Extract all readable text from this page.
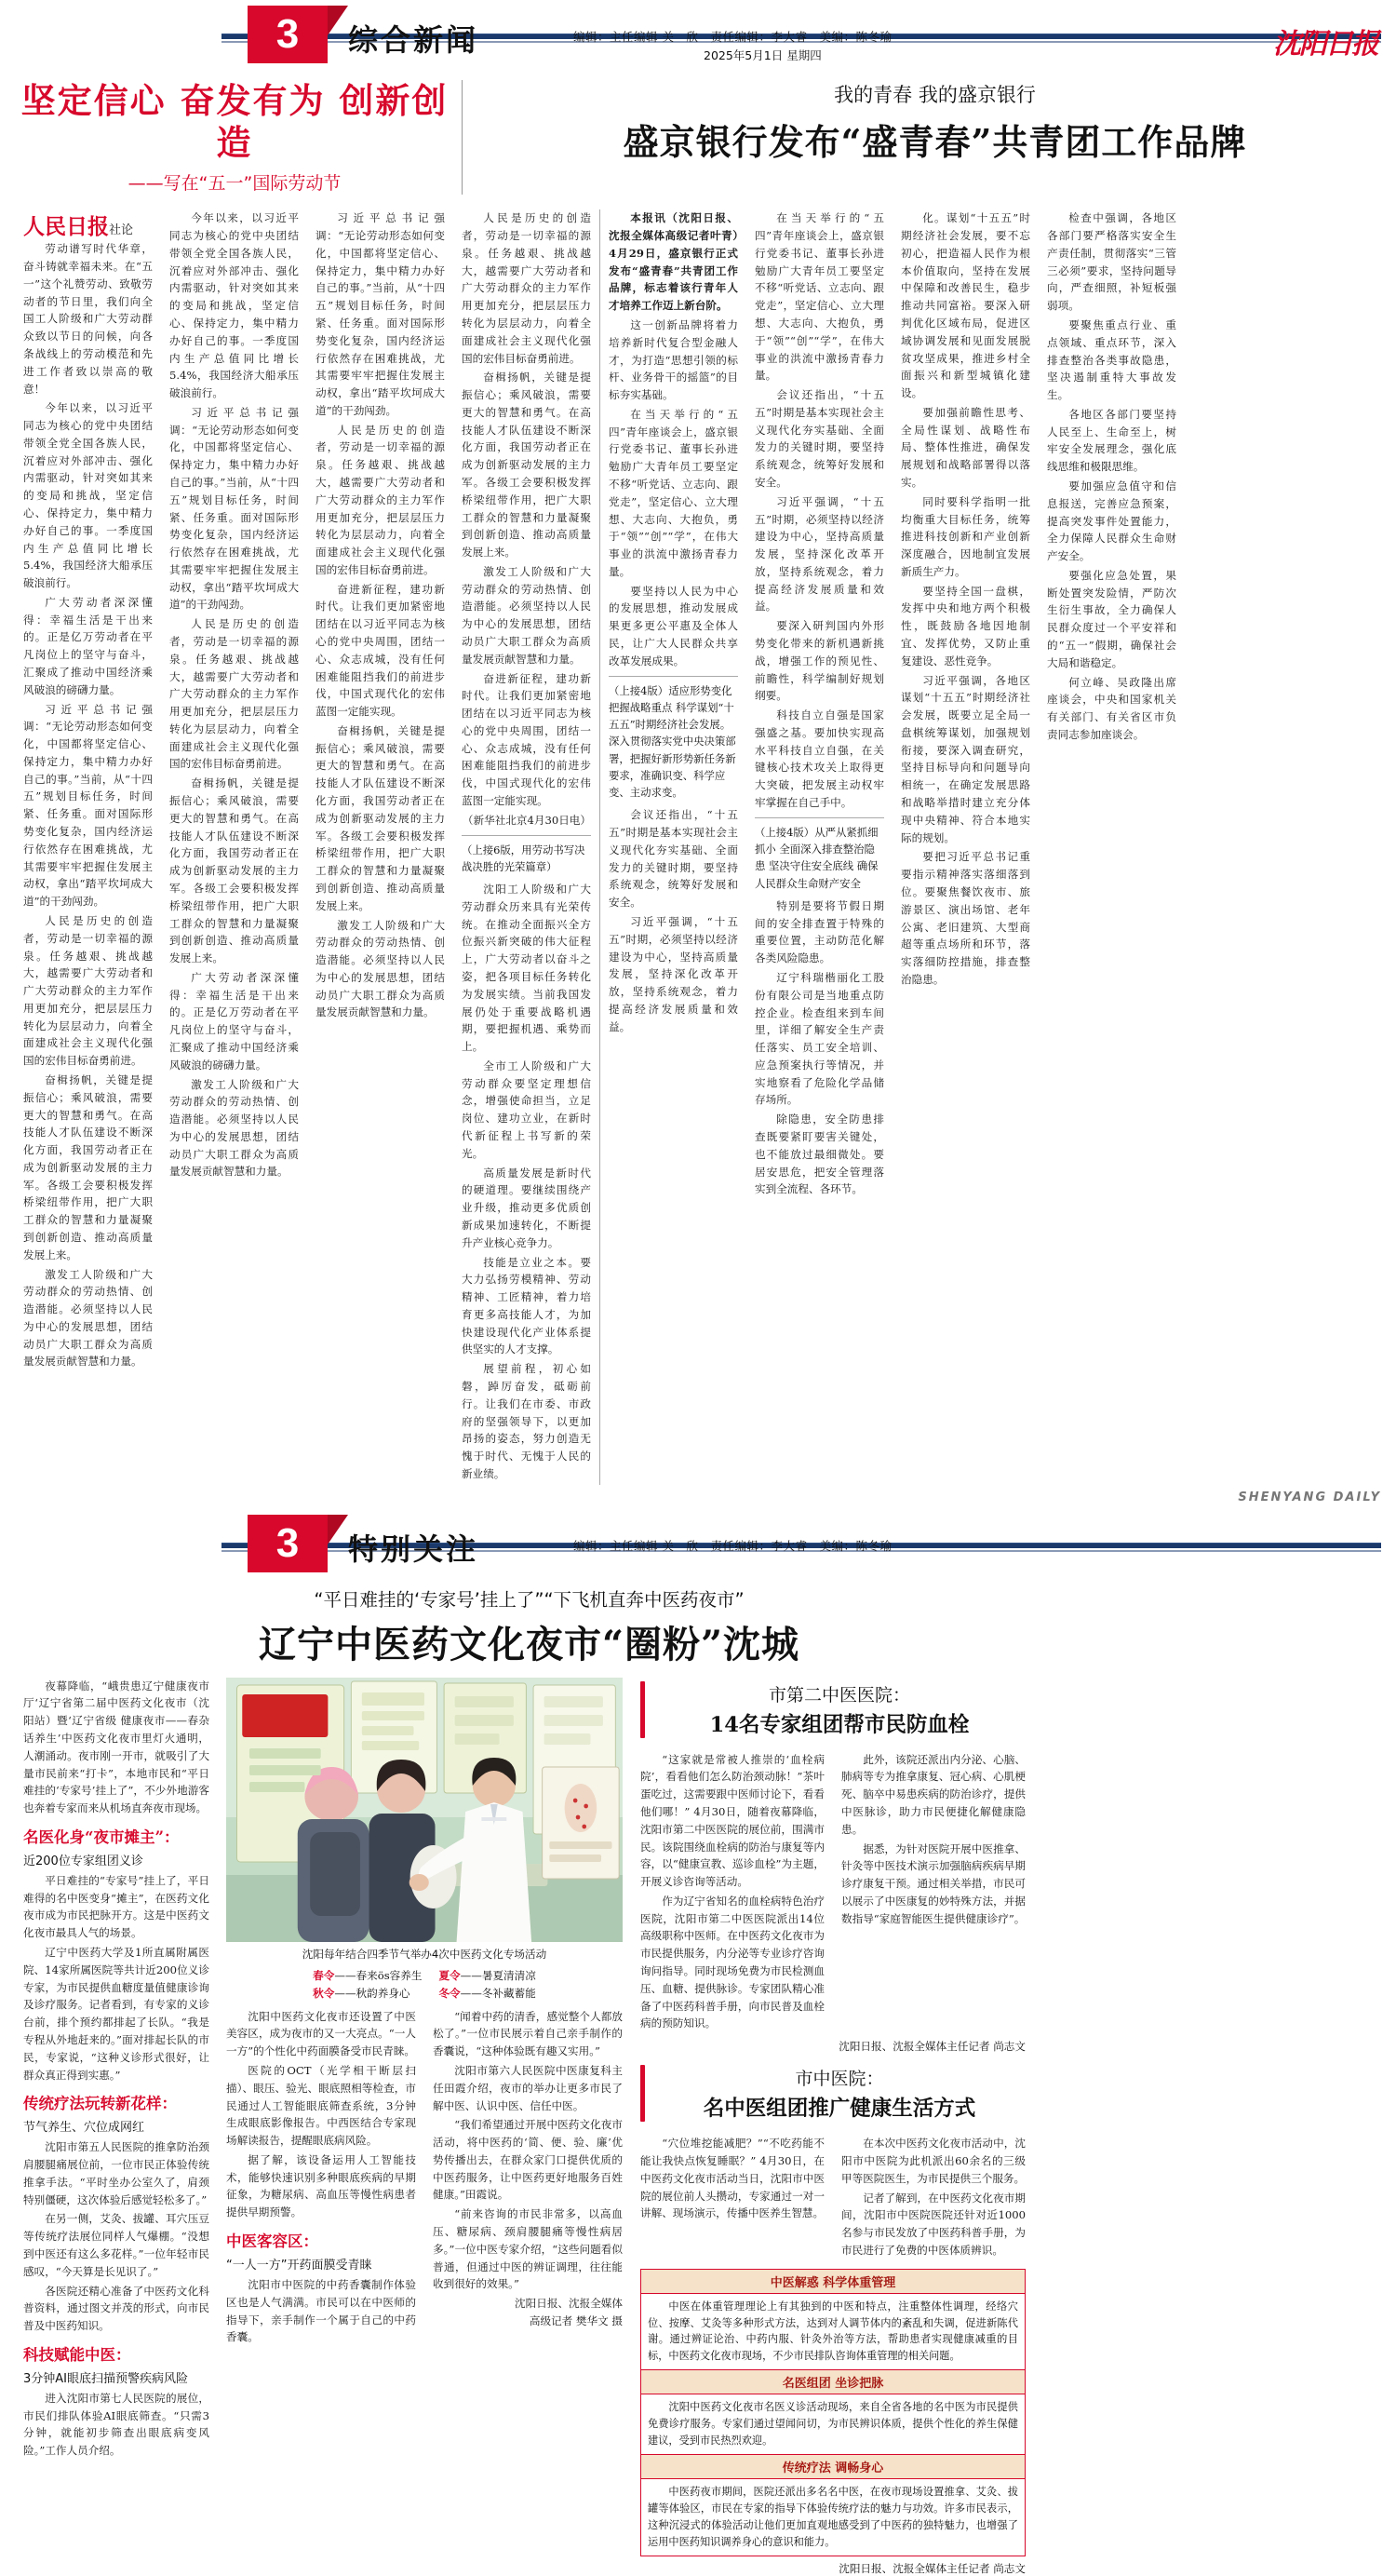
3	综合新闻	编辑：主任编辑 关　欣　责任编辑：李大睿　美编：陈冬瑜
2025年5月1日 星期四	沈阳日报
坚定信心 奋发有为 创新创造
——写在“五一”国际劳动节
我的青春 我的盛京银行
盛京银行发布“盛青春”共青团工作品牌
人民日报社论

劳动谱写时代华章，奋斗铸就幸福未来。在“五一”这个礼赞劳动、致敬劳动者的节日里，我们向全国工人阶级和广大劳动群众致以节日的问候，向各条战线上的劳动模范和先进工作者致以崇高的敬意！

今年以来，以习近平同志为核心的党中央团结带领全党全国各族人民，沉着应对外部冲击、强化内需驱动，针对突如其来的变局和挑战，坚定信心、保持定力，集中精力办好自己的事。一季度国内生产总值同比增长5.4%，我国经济大船承压破浪前行。

广大劳动者深深懂得：幸福生活是干出来的。正是亿万劳动者在平凡岗位上的坚守与奋斗，汇聚成了推动中国经济乘风破浪的磅礴力量。

习近平总书记强调：“无论劳动形态如何变化，中国都将坚定信心、保持定力，集中精力办好自己的事。”当前，从“十四五”规划目标任务，时间紧、任务重。面对国际形势变化复杂，国内经济运行依然存在困难挑战，尤其需要牢牢把握住发展主动权，拿出“踏平坎坷成大道”的干劲闯劲。

人民是历史的创造者，劳动是一切幸福的源泉。任务越艰、挑战越大，越需要广大劳动者和广大劳动群众的主力军作用更加充分，把层层压力转化为层层动力，向着全面建成社会主义现代化强国的宏伟目标奋勇前进。

奋楫扬帆，关键是提振信心；乘风破浪，需要更大的智慧和勇气。在高技能人才队伍建设不断深化方面，我国劳动者正在成为创新驱动发展的主力军。各级工会要积极发挥桥梁纽带作用，把广大职工群众的智慧和力量凝聚到创新创造、推动高质量发展上来。

激发工人阶级和广大劳动群众的劳动热情、创造潜能。必须坚持以人民为中心的发展思想，团结动员广大职工群众为高质量发展贡献智慧和力量。

今年以来，以习近平同志为核心的党中央团结带领全党全国各族人民，沉着应对外部冲击、强化内需驱动，针对突如其来的变局和挑战，坚定信心、保持定力，集中精力办好自己的事。一季度国内生产总值同比增长5.4%，我国经济大船承压破浪前行。

习近平总书记强调：“无论劳动形态如何变化，中国都将坚定信心、保持定力，集中精力办好自己的事。”当前，从“十四五”规划目标任务，时间紧、任务重。面对国际形势变化复杂，国内经济运行依然存在困难挑战，尤其需要牢牢把握住发展主动权，拿出“踏平坎坷成大道”的干劲闯劲。

人民是历史的创造者，劳动是一切幸福的源泉。任务越艰、挑战越大，越需要广大劳动者和广大劳动群众的主力军作用更加充分，把层层压力转化为层层动力，向着全面建成社会主义现代化强国的宏伟目标奋勇前进。

奋楫扬帆，关键是提振信心；乘风破浪，需要更大的智慧和勇气。在高技能人才队伍建设不断深化方面，我国劳动者正在成为创新驱动发展的主力军。各级工会要积极发挥桥梁纽带作用，把广大职工群众的智慧和力量凝聚到创新创造、推动高质量发展上来。

广大劳动者深深懂得：幸福生活是干出来的。正是亿万劳动者在平凡岗位上的坚守与奋斗，汇聚成了推动中国经济乘风破浪的磅礴力量。

激发工人阶级和广大劳动群众的劳动热情、创造潜能。必须坚持以人民为中心的发展思想，团结动员广大职工群众为高质量发展贡献智慧和力量。

习近平总书记强调：“无论劳动形态如何变化，中国都将坚定信心、保持定力，集中精力办好自己的事。”当前，从“十四五”规划目标任务，时间紧、任务重。面对国际形势变化复杂，国内经济运行依然存在困难挑战，尤其需要牢牢把握住发展主动权，拿出“踏平坎坷成大道”的干劲闯劲。

人民是历史的创造者，劳动是一切幸福的源泉。任务越艰、挑战越大，越需要广大劳动者和广大劳动群众的主力军作用更加充分，把层层压力转化为层层动力，向着全面建成社会主义现代化强国的宏伟目标奋勇前进。

奋进新征程，建功新时代。让我们更加紧密地团结在以习近平同志为核心的党中央周围，团结一心、众志成城，没有任何困难能阻挡我们的前进步伐，中国式现代化的宏伟蓝图一定能实现。

奋楫扬帆，关键是提振信心；乘风破浪，需要更大的智慧和勇气。在高技能人才队伍建设不断深化方面，我国劳动者正在成为创新驱动发展的主力军。各级工会要积极发挥桥梁纽带作用，把广大职工群众的智慧和力量凝聚到创新创造、推动高质量发展上来。

激发工人阶级和广大劳动群众的劳动热情、创造潜能。必须坚持以人民为中心的发展思想，团结动员广大职工群众为高质量发展贡献智慧和力量。

人民是历史的创造者，劳动是一切幸福的源泉。任务越艰、挑战越大，越需要广大劳动者和广大劳动群众的主力军作用更加充分，把层层压力转化为层层动力，向着全面建成社会主义现代化强国的宏伟目标奋勇前进。

奋楫扬帆，关键是提振信心；乘风破浪，需要更大的智慧和勇气。在高技能人才队伍建设不断深化方面，我国劳动者正在成为创新驱动发展的主力军。各级工会要积极发挥桥梁纽带作用，把广大职工群众的智慧和力量凝聚到创新创造、推动高质量发展上来。

激发工人阶级和广大劳动群众的劳动热情、创造潜能。必须坚持以人民为中心的发展思想，团结动员广大职工群众为高质量发展贡献智慧和力量。

奋进新征程，建功新时代。让我们更加紧密地团结在以习近平同志为核心的党中央周围，团结一心、众志成城，没有任何困难能阻挡我们的前进步伐，中国式现代化的宏伟蓝图一定能实现。

（新华社北京4月30日电）

（上接6版，用劳动书写决战决胜的光荣篇章）

沈阳工人阶级和广大劳动群众历来具有光荣传统。在推动全面振兴全方位振兴新突破的伟大征程上，广大劳动者以奋斗之姿，把各项目标任务转化为发展实绩。当前我国发展仍处于重要战略机遇期，要把握机遇、乘势而上。

全市工人阶级和广大劳动群众要坚定理想信念，增强使命担当，立足岗位、建功立业，在新时代新征程上书写新的荣光。

高质量发展是新时代的硬道理。要继续围绕产业升级，推动更多优质创新成果加速转化，不断提升产业核心竞争力。

技能是立业之本。要大力弘扬劳模精神、劳动精神、工匠精神，着力培育更多高技能人才，为加快建设现代化产业体系提供坚实的人才支撑。

展望前程，初心如磐，踔厉奋发，砥砺前行。让我们在市委、市政府的坚强领导下，以更加昂扬的姿态，努力创造无愧于时代、无愧于人民的新业绩。

本报讯（沈阳日报、沈报全媒体高级记者叶青）4月29日，盛京银行正式发布“盛青春”共青团工作品牌，标志着该行青年人才培养工作迈上新台阶。

这一创新品牌将着力培养新时代复合型金融人才，为打造“思想引领的标杆、业务骨干的摇篮”的目标夯实基础。

在当天举行的“五四”青年座谈会上，盛京银行党委书记、董事长孙进勉励广大青年员工要坚定不移“听党话、立志向、跟党走”，坚定信心、立大理想、大志向、大抱负，勇于“领”“创”“学”，在伟大事业的洪流中激扬青春力量。

要坚持以人民为中心的发展思想，推动发展成果更多更公平惠及全体人民，让广大人民群众共享改革发展成果。

（上接4版）适应形势变化 把握战略重点 科学谋划“十五五”时期经济社会发展。深入贯彻落实党中央决策部署，把握好新形势新任务新要求，准确识变、科学应变、主动求变。

会议还指出，“十五五”时期是基本实现社会主义现代化夯实基础、全面发力的关键时期，要坚持系统观念，统筹好发展和安全。

习近平强调，“十五五”时期，必须坚持以经济建设为中心，坚持高质量发展，坚持深化改革开放，坚持系统观念，着力提高经济发展质量和效益。

在当天举行的“五四”青年座谈会上，盛京银行党委书记、董事长孙进勉励广大青年员工要坚定不移“听党话、立志向、跟党走”，坚定信心、立大理想、大志向、大抱负，勇于“领”“创”“学”，在伟大事业的洪流中激扬青春力量。

会议还指出，“十五五”时期是基本实现社会主义现代化夯实基础、全面发力的关键时期，要坚持系统观念，统筹好发展和安全。

习近平强调，“十五五”时期，必须坚持以经济建设为中心，坚持高质量发展，坚持深化改革开放，坚持系统观念，着力提高经济发展质量和效益。

要深入研判国内外形势变化带来的新机遇新挑战，增强工作的预见性、前瞻性，科学编制好规划纲要。

科技自立自强是国家强盛之基。要加快实现高水平科技自立自强，在关键核心技术攻关上取得更大突破，把发展主动权牢牢掌握在自己手中。

（上接4版）从严从紧抓细抓小 全面深入排查整治隐患 坚决守住安全底线 确保人民群众生命财产安全

特别是要将节假日期间的安全排查置于特殊的重要位置，主动防范化解各类风险隐患。

辽宁科瑞楷丽化工股份有限公司是当地重点防控企业。检查组来到车间里，详细了解安全生产责任落实、员工安全培训、应急预案执行等情况，并实地察看了危险化学品储存场所。

除隐患，安全防患排查既要紧盯要害关键处，也不能放过最细微处。要居安思危，把安全管理落实到全流程、各环节。

化。谋划“十五五”时期经济社会发展，要不忘初心，把造福人民作为根本价值取向，坚持在发展中保障和改善民生，稳步推动共同富裕。要深入研判优化区域布局，促进区域协调发展和见面发展脱贫攻坚成果，推进乡村全面振兴和新型城镇化建设。

要加强前瞻性思考、全局性谋划、战略性布局、整体性推进，确保发展规划和战略部署得以落实。

同时要科学指明一批均衡重大目标任务，统筹推进科技创新和产业创新深度融合，因地制宜发展新质生产力。

要坚持全国一盘棋，发挥中央和地方两个积极性，既鼓励各地因地制宜、发挥优势，又防止重复建设、恶性竞争。

习近平强调，各地区谋划“十五五”时期经济社会发展，既要立足全局一盘棋统筹谋划，加强规划衔接，要深入调查研究，坚持目标导向和问题导向相统一，在确定发展思路和战略举措时建立充分体现中央精神、符合本地实际的规划。

要把习近平总书记重要指示精神落实落细落到位。要聚焦餐饮夜市、旅游景区、演出场馆、老年公寓、老旧建筑、大型商超等重点场所和环节，落实落细防控措施，排查整治隐患。

检查中强调，各地区各部门要严格落实安全生产责任制，贯彻落实“三管三必须”要求，坚持问题导向，严查细照，补短板强弱项。

要聚焦重点行业、重点领域、重点环节，深入排查整治各类事故隐患，坚决遏制重特大事故发生。

各地区各部门要坚持人民至上、生命至上，树牢安全发展理念，强化底线思维和极限思维。

要加强应急值守和信息报送，完善应急预案，提高突发事件处置能力，全力保障人民群众生命财产安全。

要强化应急处置，果断处置突发险情，严防次生衍生事故，全力确保人民群众度过一个平安祥和的“五一”假期，确保社会大局和谐稳定。

何立峰、吴政隆出席座谈会，中央和国家机关有关部门、有关省区市负责同志参加座谈会。

SHENYANG DAILY
3	特别关注	编辑：主任编辑 关　欣　责任编辑：李大睿　美编：陈冬瑜
“平日难挂的‘专家号’挂上了”“下飞机直奔中医药夜市”
辽宁中医药文化夜市“圈粉”沈城

夜幕降临，“峨贵患辽宁健康夜市厅‘辽宁省第二届中医药文化夜市（沈阳站）暨‘辽宁省级 健康夜市——春杂话养生’中医药文化夜市里灯火通明，人潮涌动。夜市刚一开市，就吸引了大量市民前来“打卡”，本地市民和“平日难挂的‘专家号’挂上了”，不少外地游客也奔着专家而来从机场直奔夜市现场。

名医化身“夜市摊主”：
近200位专家组团义诊

平日难挂的“专家号”挂上了，平日难得的名中医变身“摊主”，在医药文化夜市成为市民把脉开方。这是中医药文化夜市最具人气的场景。

辽宁中医药大学及1所直属附属医院、14家所属医院等共计近200位义诊专家，为市民提供血糖度量值健康诊询及诊疗服务。记者看到，有专家的义诊台前，排个预约都排起了长队。“我是专程从外地赶来的。”面对排起长队的市民，专家说，“这种义诊形式很好，让群众真正得到实惠。”

传统疗法玩转新花样：
节气养生、穴位成网红

沈阳市第五人民医院的推拿防治颈肩腰腿痛展位前，一位市民正体验传统推拿手法。“平时坐办公室久了，肩颈特别僵硬，这次体验后感觉轻松多了。”

在另一侧，艾灸、拔罐、耳穴压豆等传统疗法展位同样人气爆棚。“没想到中医还有这么多花样。”一位年轻市民感叹，“今天算是长见识了。”

各医院还精心准备了中医药文化科普资料，通过图文并茂的形式，向市民普及中医药知识。

科技赋能中医：
3分钟AI眼底扫描预警疾病风险

进入沈阳市第七人民医院的展位，市民们排队体验AI眼底筛查。“只需3分钟，就能初步筛查出眼底病变风险。”工作人员介绍。

沈阳每年结合四季节气举办4次中医药文化专场活动
春令——春来ös容养生
秋令——秋韵养身心
夏令——暑夏清清凉
冬令——冬补藏蓄能

沈阳中医药文化夜市还设置了中医美容区，成为夜市的又一大亮点。“一人一方”的个性化中药面膜备受市民青睐。

医院的OCT（光学相干断层扫描）、眼压、验光、眼底照相等检查，市民通过人工智能眼底筛查系统，3分钟生成眼底影像报告。中西医结合专家现场解读报告，提醒眼底病风险。

据了解，该设备运用人工智能技术，能够快速识别多种眼底疾病的早期征象，为糖尿病、高血压等慢性病患者提供早期预警。

中医客容区：
“一人一方”开药面膜受青睐

沈阳市中医院的中药香囊制作体验区也是人气满满。市民可以在中医师的指导下，亲手制作一个属于自己的中药香囊。

“闻着中药的清香，感觉整个人都放松了。”一位市民展示着自己亲手制作的香囊说，“这种体验既有趣又实用。”

沈阳市第六人民医院中医康复科主任田霞介绍，夜市的举办让更多市民了解中医、认识中医、信任中医。

“我们希望通过开展中医药文化夜市活动，将中医药的‘简、便、验、廉’优势传播出去，在群众家门口提供优质的中医药服务，让中医药更好地服务百姓健康。”田霞说。

“前来咨询的市民非常多，以高血压、糖尿病、颈肩腰腿痛等慢性病居多。”一位中医专家介绍，“这些问题看似普通，但通过中医的辨证调理，往往能收到很好的效果。”

沈阳日报、沈报全媒体
高级记者 樊华文 摄

市第二中医医院：
14名专家组团帮市民防血栓

“这家就是常被人推崇的‘血栓病院’，看看他们怎么防治颈动脉！”茶叶蛋吃过，这需要跟中医师讨论下，看看他们哪！” 4月30日，随着夜幕降临，沈阳市第二中医医院的展位前，围满市民。该院围绕血栓病的防治与康复等内容，以“健康宣教、巡诊血栓”为主题，开展义诊咨询等活动。

作为辽宁省知名的血栓病特色治疗医院，沈阳市第二中医医院派出14位高级职称中医师。在中医药文化夜市为市民提供服务，内分泌等专业诊疗咨询询问指导。同时现场免费为市民检测血压、血糖、提供脉诊。专家团队精心准备了中医药科普手册，向市民普及血栓病的预防知识。

此外，该院还派出内分泌、心脑、肺病等专为推拿康复、冠心病、心肌梗死、脑卒中易患疾病的防治诊疗，提供中医脉诊，助力市民便捷化解健康隐患。

据悉，为针对医院开展中医推拿、针灸等中医技术演示加强脑病疾病早期诊疗康复干预。通过相关举措，市民可以展示了中医康复的妙特殊方法，并据数指导“家庭智能医生提供健康诊疗”。

沈阳日报、沈报全媒体主任记者 尚志文
市中医院：
名中医组团推广健康生活方式

“穴位堆挖能减肥？”“不吃药能不能让我快点恢复睡眠？” 4月30日，在中医药文化夜市活动当日，沈阳市中医院的展位前人头攒动，专家通过一对一讲解、现场演示，传播中医养生智慧。

在本次中医药文化夜市活动中，沈阳市中医院为此机派出60余名的三级甲等医院医生，为市民提供三个服务。

记者了解到，在中医药文化夜市期间，沈阳市中医院医院还针对近1000名参与市民发放了中医药科普手册，为市民进行了免费的中医体质辨识。

中医解惑 科学体重管理
中医在体重管理理论上有其独到的中医和特点，注重整体性调理，经络穴位、按摩、艾灸等多种形式方法，达到对人调节体内的紊乱和失调，促进新陈代谢。通过辨证论治、中药内服、针灸外治等方法，帮助患者实现健康减重的目标，中医药文化夜市现场，不少市民排队咨询体重管理的相关问题。
名医组团 坐诊把脉
沈阳中医药文化夜市名医义诊活动现场，来自全省各地的名中医为市民提供免费诊疗服务。专家们通过望闻问切，为市民辨识体质，提供个性化的养生保健建议，受到市民热烈欢迎。
传统疗法 调畅身心
中医药夜市期间，医院还派出多名名中医，在夜市现场设置推拿、艾灸、拔罐等体验区，市民在专家的指导下体验传统疗法的魅力与功效。许多市民表示，这种沉浸式的体验活动让他们更加直观地感受到了中医药的独特魅力，也增强了运用中医药知识调养身心的意识和能力。
沈阳日报、沈报全媒体主任记者 尚志文
